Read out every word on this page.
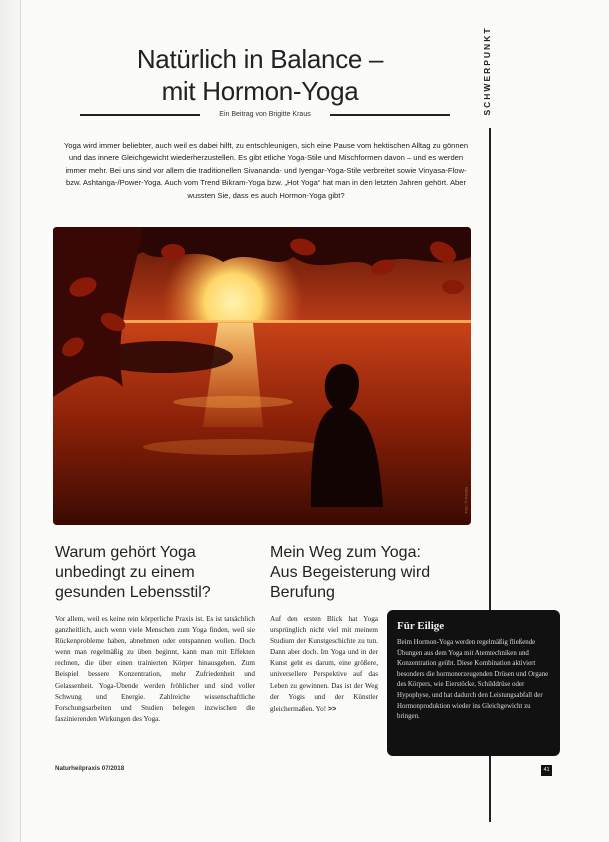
Natürlich in Balance –
mit Hormon-Yoga
Ein Beitrag von Brigitte Kraus

Yoga wird immer beliebter, auch weil es dabei hilft, zu entschleunigen, sich eine Pause vom hektischen Alltag zu gönnen und das innere Gleichgewicht wiederherzustellen. Es gibt etliche Yoga-Stile und Mischformen davon – und es werden immer mehr. Bei uns sind vor allem die traditionellen Sivananda- und Iyengar-Yoga-Stile verbreitet sowie Vinyasa-Flow- bzw. Ashtanga-/Power-Yoga. Auch vom Trend Bikram-Yoga bzw. „Hot Yoga“ hat man in den letzten Jahren gehört. Aber wussten Sie, dass es auch Hormon-Yoga gibt?

SCHWERPUNKT
Foto: © Fotolia
Warum gehört Yoga unbedingt zu einem gesunden Lebensstil?

Vor allem, weil es keine rein körperliche Praxis ist. Es ist tatsächlich ganzheitlich, auch wenn viele Menschen zum Yoga finden, weil sie Rückenprobleme haben, abnehmen oder entspannen wollen. Doch wenn man regelmäßig zu üben beginnt, kann man mit Effekten rechnen, die über einen trainierten Körper hinausgehen. Zum Beispiel bessere Konzentration, mehr Zufriedenheit und Gelassenheit. Yoga-Übende werden fröhlicher und sind voller Schwung und Energie. Zahlreiche wissenschaftliche Forschungsarbeiten und Studien belegen inzwischen die faszinierenden Wirkungen des Yoga.

Mein Weg zum Yoga: Aus Begeisterung wird Berufung

Auf den ersten Blick hat Yoga ursprünglich nicht viel mit meinem Studium der Kunstgeschichte zu tun. Dann aber doch. Im Yoga und in der Kunst geht es darum, eine größere, universellere Perspektive auf das Leben zu gewinnen. Das ist der Weg der Yogis und der Künstler gleichermaßen. Yo! >>

Für Eilige
Beim Hormon-Yoga werden regelmäßig fließende Übungen aus dem Yoga mit Atemtechniken und Konzentration geübt. Diese Kombination aktiviert besonders die hormonerzeugenden Drüsen und Organe des Körpers, wie Eierstöcke, Schilddrüse oder Hypophyse, und hat dadurch den Leistungsabfall der Hormonproduktion wieder ins Gleichgewicht zu bringen.
Naturheilpraxis 07/2018	41
